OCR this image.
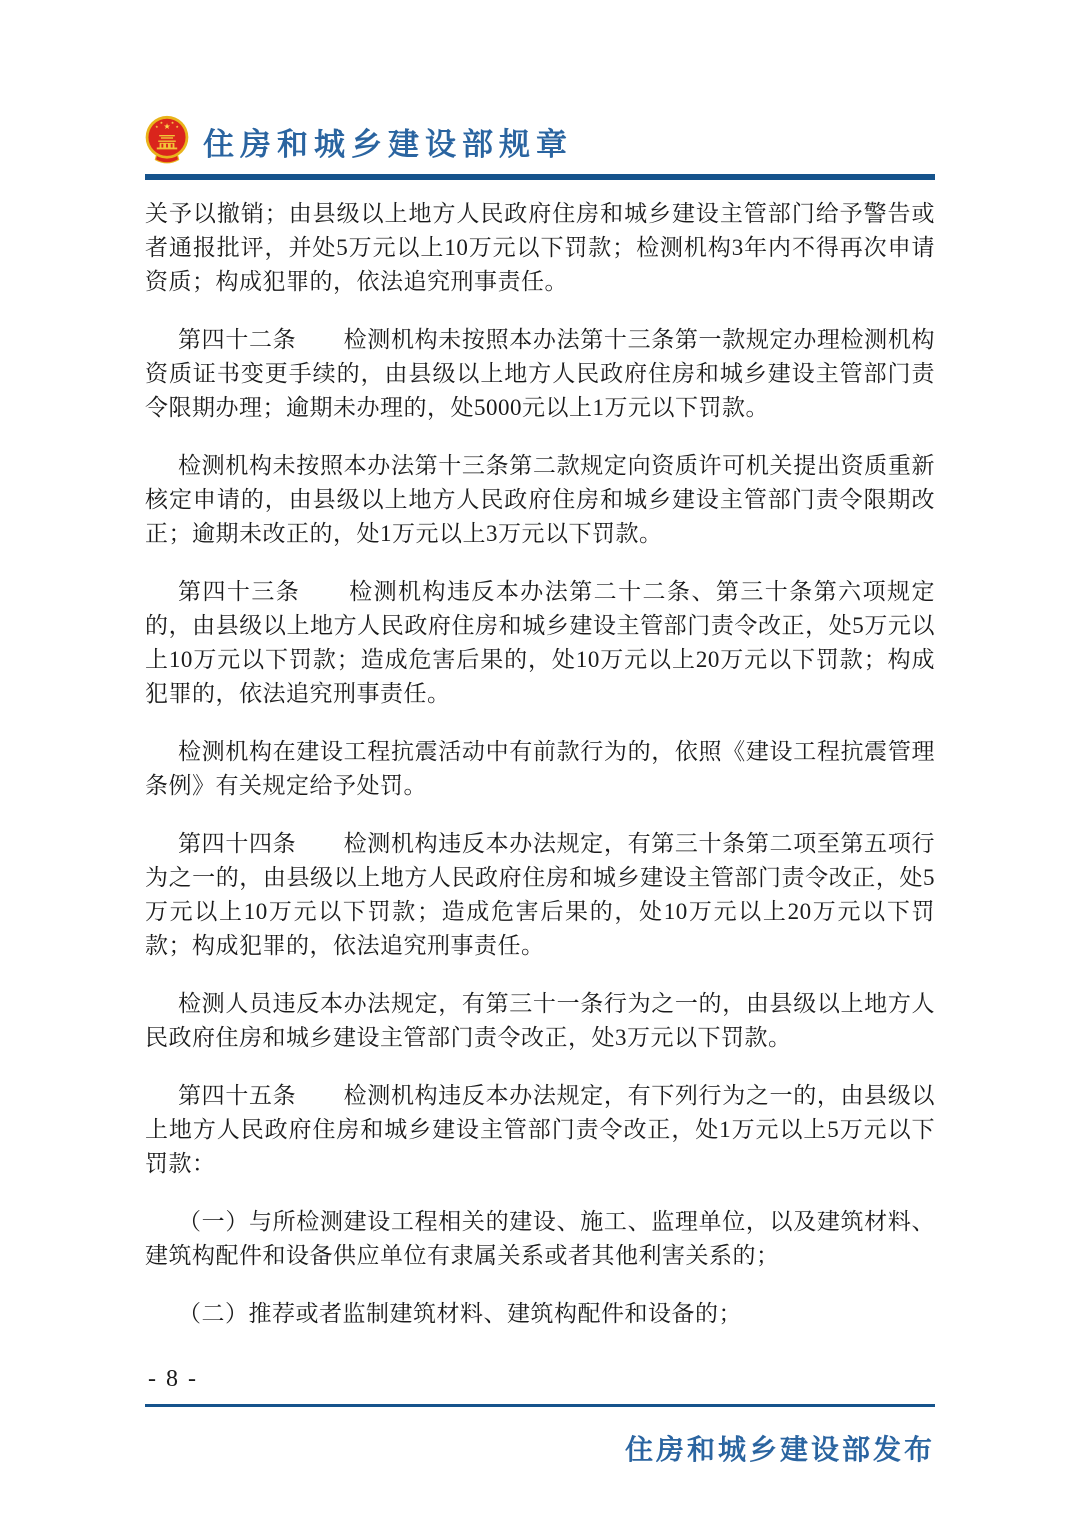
★
★
★ ★
★ 住房和城乡建设部规章

关予以撤销；由县级以上地方人民政府住房和城乡建设主管部门给予警告或者通报批评，并处5万元以上10万元以下罚款；检测机构3年内不得再次申请资质；构成犯罪的，依法追究刑事责任。

第四十二条　　检测机构未按照本办法第十三条第一款规定办理检测机构资质证书变更手续的，由县级以上地方人民政府住房和城乡建设主管部门责令限期办理；逾期未办理的，处5000元以上1万元以下罚款。

检测机构未按照本办法第十三条第二款规定向资质许可机关提出资质重新核定申请的，由县级以上地方人民政府住房和城乡建设主管部门责令限期改正；逾期未改正的，处1万元以上3万元以下罚款。

第四十三条　　检测机构违反本办法第二十二条、第三十条第六项规定的，由县级以上地方人民政府住房和城乡建设主管部门责令改正，处5万元以上10万元以下罚款；造成危害后果的，处10万元以上20万元以下罚款；构成犯罪的，依法追究刑事责任。

检测机构在建设工程抗震活动中有前款行为的，依照《建设工程抗震管理条例》有关规定给予处罚。

第四十四条　　检测机构违反本办法规定，有第三十条第二项至第五项行为之一的，由县级以上地方人民政府住房和城乡建设主管部门责令改正，处5万元以上10万元以下罚款；造成危害后果的，处10万元以上20万元以下罚款；构成犯罪的，依法追究刑事责任。

检测人员违反本办法规定，有第三十一条行为之一的，由县级以上地方人民政府住房和城乡建设主管部门责令改正，处3万元以下罚款。

第四十五条　　检测机构违反本办法规定，有下列行为之一的，由县级以上地方人民政府住房和城乡建设主管部门责令改正，处1万元以上5万元以下罚款：

（一）与所检测建设工程相关的建设、施工、监理单位，以及建筑材料、建筑构配件和设备供应单位有隶属关系或者其他利害关系的；

（二）推荐或者监制建筑材料、建筑构配件和设备的；

- 8 -
住房和城乡建设部发布
